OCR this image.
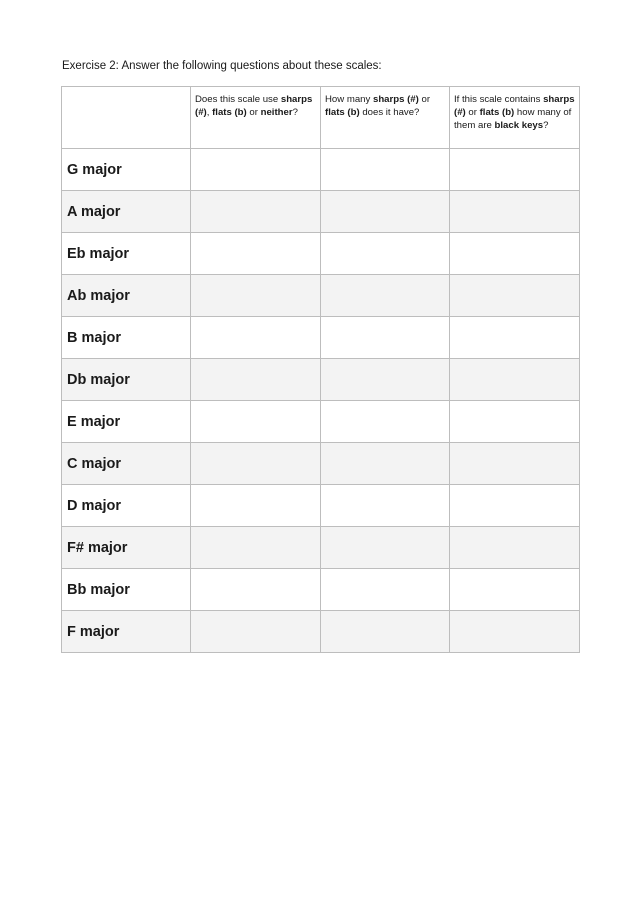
Exercise 2: Answer the following questions about these scales:

	Does this scale use sharps (#), flats (b) or neither?	How many sharps (#) or flats (b) does it have?	If this scale contains sharps (#) or flats (b) how many of them are black keys?

G major			
A major			
Eb major			
Ab major			
B major			
Db major			
E major			
C major			
D major			
F# major			
Bb major			
F major			
